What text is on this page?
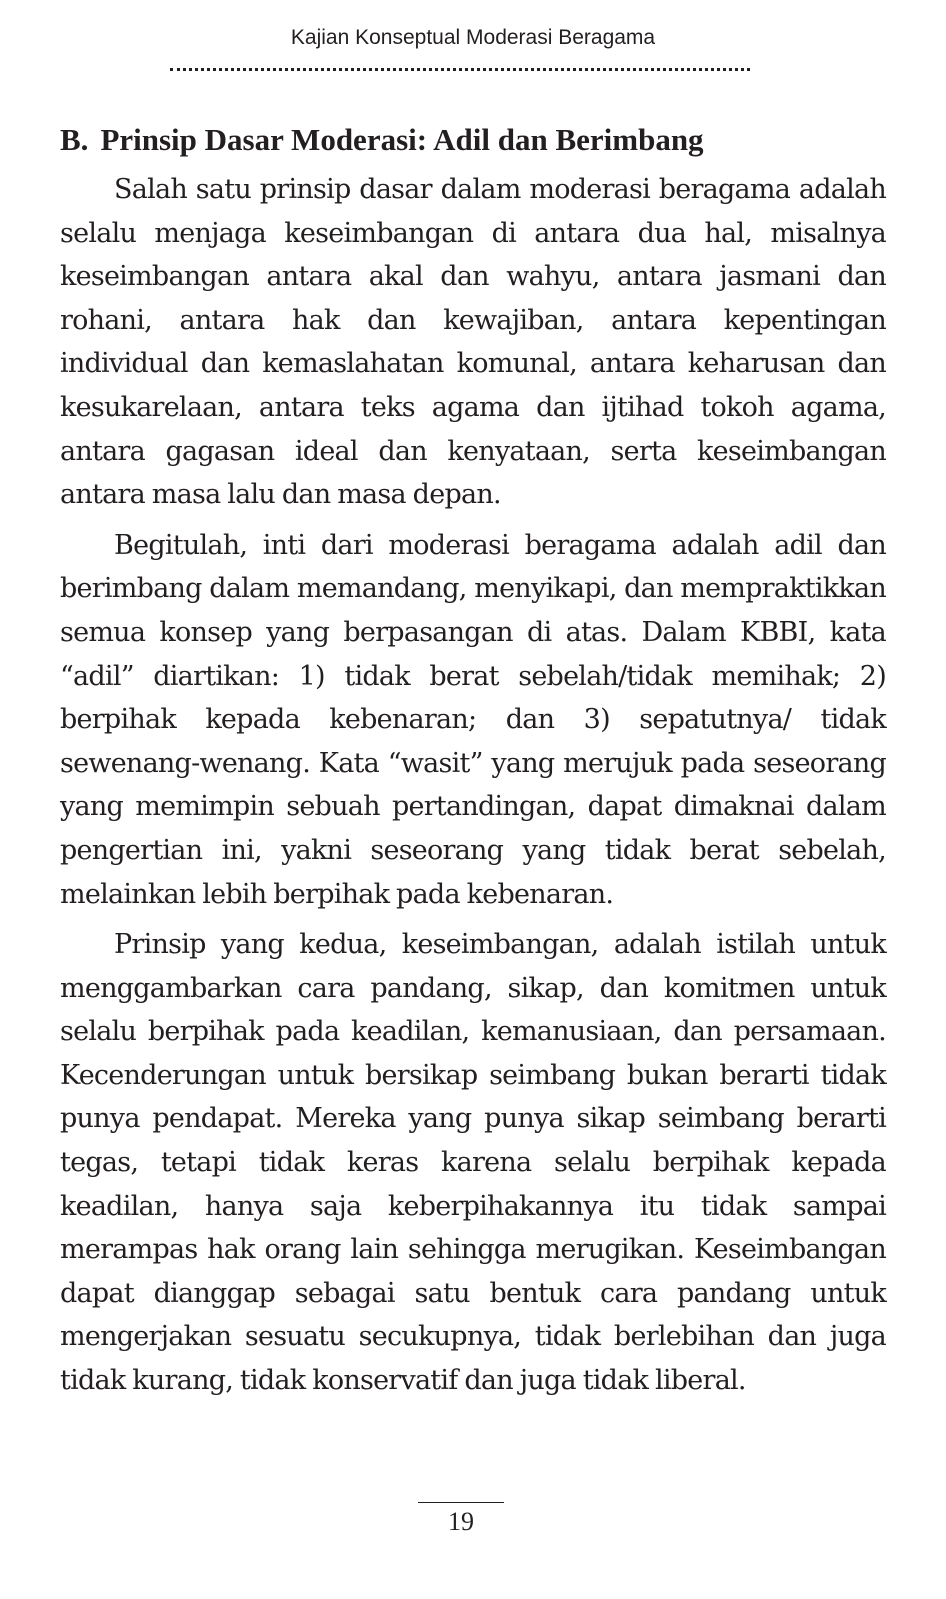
Kajian Konseptual Moderasi Beragama
B. Prinsip Dasar Moderasi: Adil dan Berimbang

Salah satu prinsip dasar dalam moderasi beragama adalah selalu menjaga keseimbangan di antara dua hal, misalnya keseimbangan antara akal dan wahyu, antara jasmani dan rohani, antara hak dan kewajiban, antara kepentingan individual dan kemaslahatan komunal, antara keharusan dan kesukarelaan, antara teks agama dan ijtihad tokoh agama, antara gagasan ideal dan kenyataan, serta keseimbangan antara masa lalu dan masa depan.

Begitulah, inti dari moderasi beragama adalah adil dan berimbang dalam memandang, menyikapi, dan mempraktikkan semua konsep yang berpasangan di atas. Dalam KBBI, kata “adil” diartikan: 1) tidak berat sebelah/tidak memihak; 2) berpihak kepada kebenaran; dan 3) sepatutnya/ tidak sewenang-wenang. Kata “wasit” yang merujuk pada seseorang yang memimpin sebuah pertandingan, dapat dimaknai dalam pengertian ini, yakni seseorang yang tidak berat sebelah, melainkan lebih berpihak pada kebenaran.

Prinsip yang kedua, keseimbangan, adalah istilah untuk menggambarkan cara pandang, sikap, dan komitmen untuk selalu berpihak pada keadilan, kemanusiaan, dan persamaan. Kecenderungan untuk bersikap seimbang bukan berarti tidak punya pendapat. Mereka yang punya sikap seimbang berarti tegas, tetapi tidak keras karena selalu berpihak kepada keadilan, hanya saja keberpihakannya itu tidak sampai merampas hak orang lain sehingga merugikan. Keseimbangan dapat dianggap sebagai satu bentuk cara pandang untuk mengerjakan sesuatu secukupnya, tidak berlebihan dan juga tidak kurang, tidak konservatif dan juga tidak liberal.

19
